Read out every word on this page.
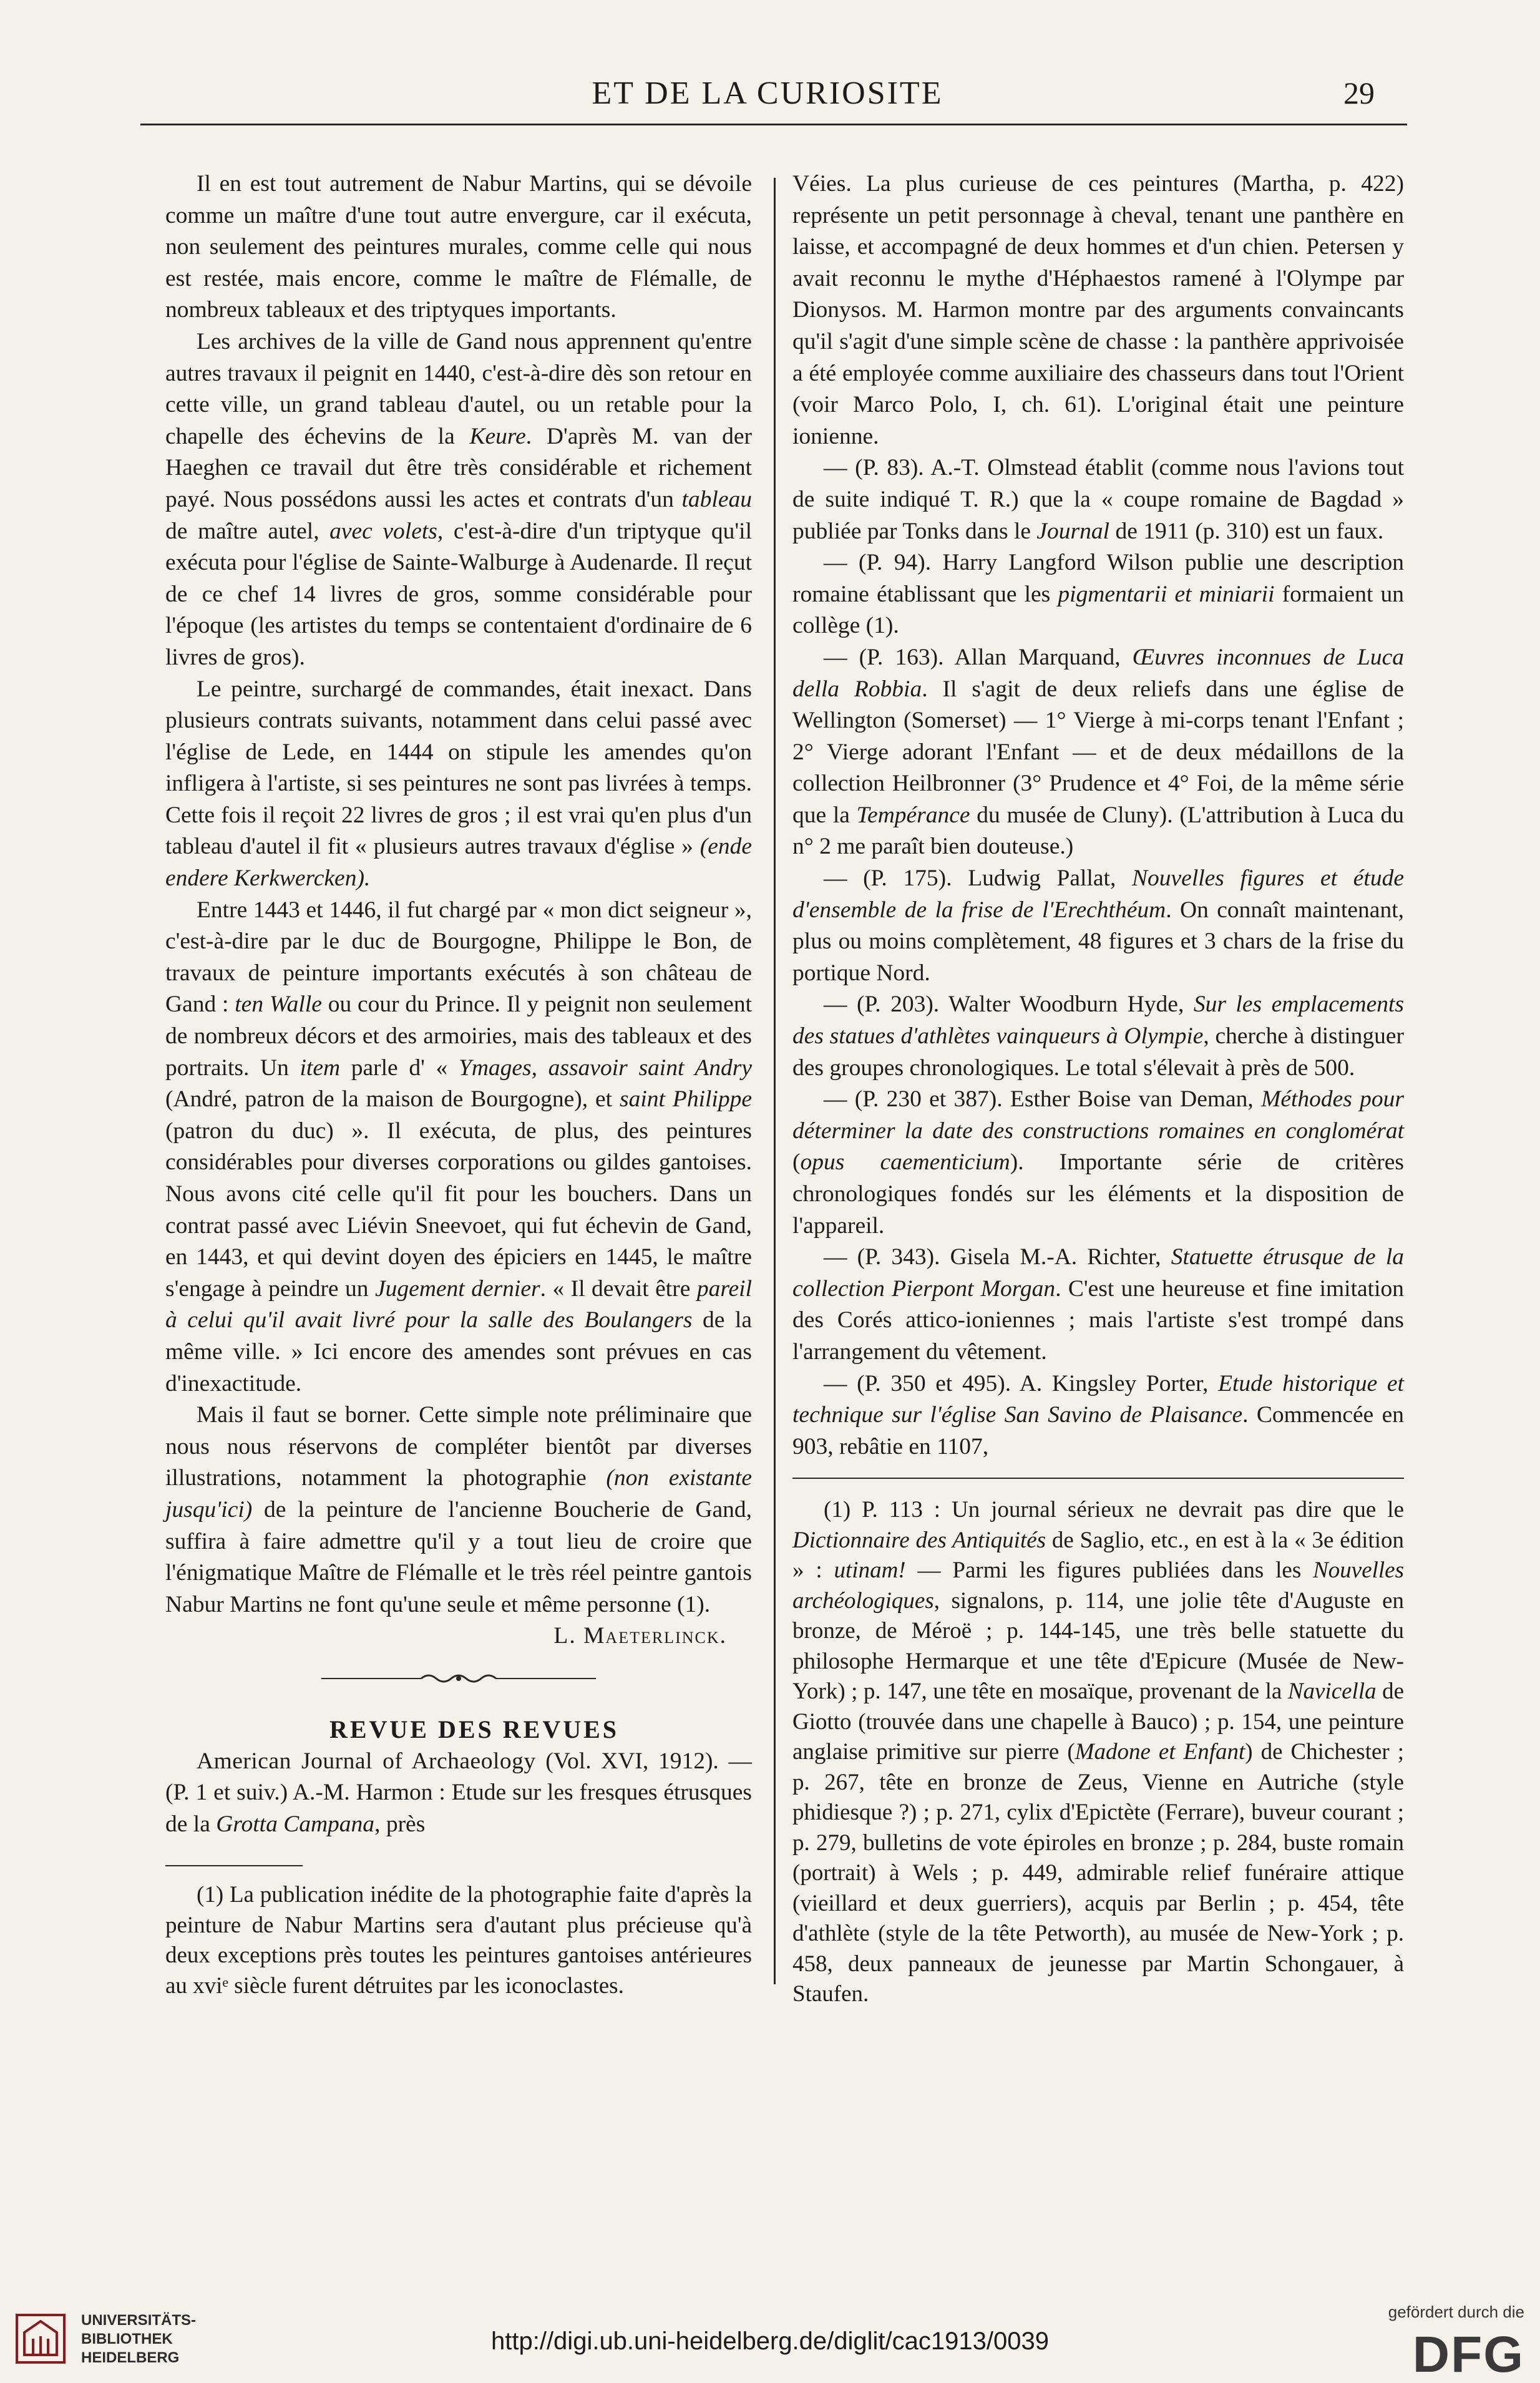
ET DE LA CURIOSITE	29

Il en est tout autrement de Nabur Martins, qui se dévoile comme un maître d'une tout autre envergure, car il exécuta, non seulement des peintures murales, comme celle qui nous est restée, mais encore, comme le maître de Flémalle, de nombreux tableaux et des triptyques importants.

Les archives de la ville de Gand nous apprennent qu'entre autres travaux il peignit en 1440, c'est-à-dire dès son retour en cette ville, un grand tableau d'autel, ou un retable pour la chapelle des échevins de la Keure. D'après M. van der Haeghen ce travail dut être très considérable et richement payé. Nous possédons aussi les actes et contrats d'un tableau de maître autel, avec volets, c'est-à-dire d'un triptyque qu'il exécuta pour l'église de Sainte-Walburge à Audenarde. Il reçut de ce chef 14 livres de gros, somme considérable pour l'époque (les artistes du temps se contentaient d'ordinaire de 6 livres de gros).

Le peintre, surchargé de commandes, était inexact. Dans plusieurs contrats suivants, notamment dans celui passé avec l'église de Lede, en 1444 on stipule les amendes qu'on infligera à l'artiste, si ses peintures ne sont pas livrées à temps. Cette fois il reçoit 22 livres de gros ; il est vrai qu'en plus d'un tableau d'autel il fit « plusieurs autres travaux d'église » (ende endere Kerkwercken).

Entre 1443 et 1446, il fut chargé par « mon dict seigneur », c'est-à-dire par le duc de Bourgogne, Philippe le Bon, de travaux de peinture importants exécutés à son château de Gand : ten Walle ou cour du Prince. Il y peignit non seulement de nombreux décors et des armoiries, mais des tableaux et des portraits. Un item parle d' « Ymages, assavoir saint Andry (André, patron de la maison de Bourgogne), et saint Philippe (patron du duc) ». Il exécuta, de plus, des peintures considérables pour diverses corporations ou gildes gantoises. Nous avons cité celle qu'il fit pour les bouchers. Dans un contrat passé avec Liévin Sneevoet, qui fut échevin de Gand, en 1443, et qui devint doyen des épiciers en 1445, le maître s'engage à peindre un Jugement dernier. « Il devait être pareil à celui qu'il avait livré pour la salle des Boulangers de la même ville. » Ici encore des amendes sont prévues en cas d'inexactitude.

Mais il faut se borner. Cette simple note préliminaire que nous nous réservons de compléter bientôt par diverses illustrations, notamment la photographie (non existante jusqu'ici) de la peinture de l'ancienne Boucherie de Gand, suffira à faire admettre qu'il y a tout lieu de croire que l'énigmatique Maître de Flémalle et le très réel peintre gantois Nabur Martins ne font qu'une seule et même personne (1).

L. Maeterlinck.

REVUE DES REVUES

American Journal of Archaeology (Vol. XVI, 1912). — (P. 1 et suiv.) A.-M. Harmon : Etude sur les fresques étrusques de la Grotta Campana, près

(1) La publication inédite de la photographie faite d'après la peinture de Nabur Martins sera d'autant plus précieuse qu'à deux exceptions près toutes les peintures gantoises antérieures au xviᵉ siècle furent détruites par les iconoclastes.

Véies. La plus curieuse de ces peintures (Martha, p. 422) représente un petit personnage à cheval, tenant une panthère en laisse, et accompagné de deux hommes et d'un chien. Petersen y avait reconnu le mythe d'Héphaestos ramené à l'Olympe par Dionysos. M. Harmon montre par des arguments convaincants qu'il s'agit d'une simple scène de chasse : la panthère apprivoisée a été employée comme auxiliaire des chasseurs dans tout l'Orient (voir Marco Polo, I, ch. 61). L'original était une peinture ionienne.

— (P. 83). A.-T. Olmstead établit (comme nous l'avions tout de suite indiqué T. R.) que la « coupe romaine de Bagdad » publiée par Tonks dans le Journal de 1911 (p. 310) est un faux.

— (P. 94). Harry Langford Wilson publie une description romaine établissant que les pigmentarii et miniarii formaient un collège (1).

— (P. 163). Allan Marquand, Œuvres inconnues de Luca della Robbia. Il s'agit de deux reliefs dans une église de Wellington (Somerset) — 1° Vierge à mi-corps tenant l'Enfant ; 2° Vierge adorant l'Enfant — et de deux médaillons de la collection Heilbronner (3° Prudence et 4° Foi, de la même série que la Tempérance du musée de Cluny). (L'attribution à Luca du n° 2 me paraît bien douteuse.)

— (P. 175). Ludwig Pallat, Nouvelles figures et étude d'ensemble de la frise de l'Erechthéum. On connaît maintenant, plus ou moins complètement, 48 figures et 3 chars de la frise du portique Nord.

— (P. 203). Walter Woodburn Hyde, Sur les emplacements des statues d'athlètes vainqueurs à Olympie, cherche à distinguer des groupes chronologiques. Le total s'élevait à près de 500.

— (P. 230 et 387). Esther Boise van Deman, Méthodes pour déterminer la date des constructions romaines en conglomérat (opus caementicium). Importante série de critères chronologiques fondés sur les éléments et la disposition de l'appareil.

— (P. 343). Gisela M.-A. Richter, Statuette étrusque de la collection Pierpont Morgan. C'est une heureuse et fine imitation des Corés attico-ioniennes ; mais l'artiste s'est trompé dans l'arrangement du vêtement.

— (P. 350 et 495). A. Kingsley Porter, Etude historique et technique sur l'église San Savino de Plaisance. Commencée en 903, rebâtie en 1107,

(1) P. 113 : Un journal sérieux ne devrait pas dire que le Dictionnaire des Antiquités de Saglio, etc., en est à la « 3e édition » : utinam! — Parmi les figures publiées dans les Nouvelles archéologiques, signalons, p. 114, une jolie tête d'Auguste en bronze, de Méroë ; p. 144-145, une très belle statuette du philosophe Hermarque et une tête d'Epicure (Musée de New-York) ; p. 147, une tête en mosaïque, provenant de la Navicella de Giotto (trouvée dans une chapelle à Bauco) ; p. 154, une peinture anglaise primitive sur pierre (Madone et Enfant) de Chichester ; p. 267, tête en bronze de Zeus, Vienne en Autriche (style phidiesque ?) ; p. 271, cylix d'Epictète (Ferrare), buveur courant ; p. 279, bulletins de vote épiroles en bronze ; p. 284, buste romain (portrait) à Wels ; p. 449, admirable relief funéraire attique (vieillard et deux guerriers), acquis par Berlin ; p. 454, tête d'athlète (style de la tête Petworth), au musée de New-York ; p. 458, deux panneaux de jeunesse par Martin Schongauer, à Staufen.

UNIVERSITÄTS-
BIBLIOTHEK
HEIDELBERG
http://digi.ub.uni-heidelberg.de/diglit/cac1913/0039
gefördert durch die
DFG
